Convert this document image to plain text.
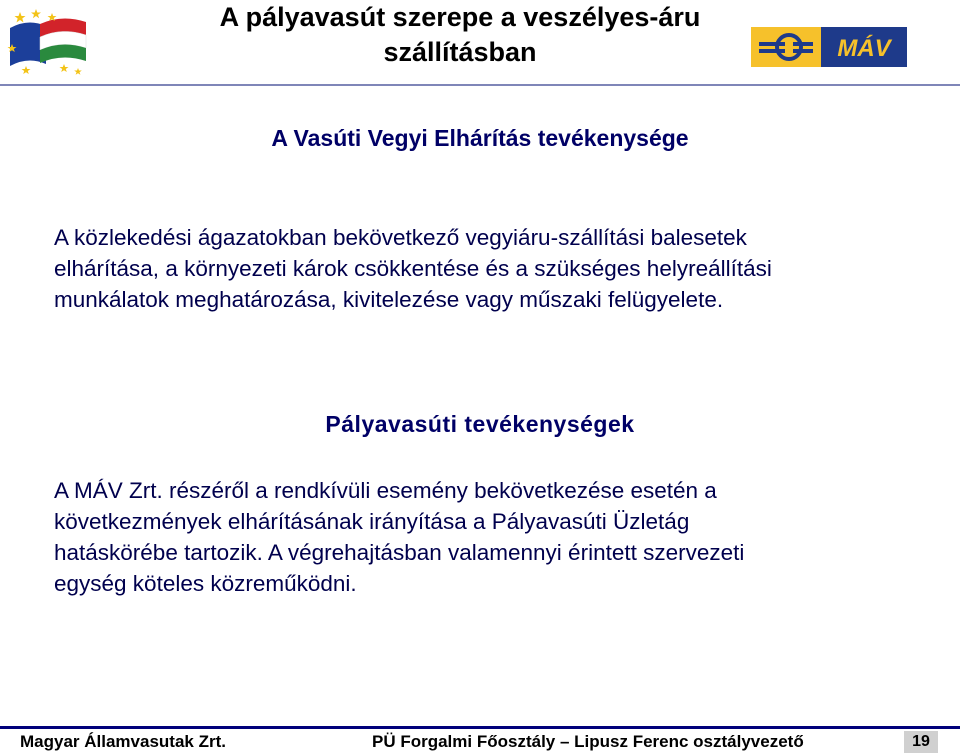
A pályavasút szerepe a veszélyes-áru
szállításban	MÁV
A Vasúti Vegyi Elhárítás tevékenysége
A közlekedési ágazatokban bekövetkező vegyiáru-szállítási balesetek
elhárítása, a környezeti károk csökkentése és a szükséges helyreállítási
munkálatok meghatározása, kivitelezése vagy műszaki felügyelete.
Pályavasúti tevékenységek
A MÁV Zrt. részéről a rendkívüli esemény bekövetkezése esetén a
következmények elhárításának irányítása a Pályavasúti Üzletág
hatáskörébe tartozik. A végrehajtásban valamennyi érintett szervezeti
egység köteles közreműködni.
Magyar Államvasutak Zrt.	PÜ Forgalmi Főosztály – Lipusz Ferenc osztályvezető	19
